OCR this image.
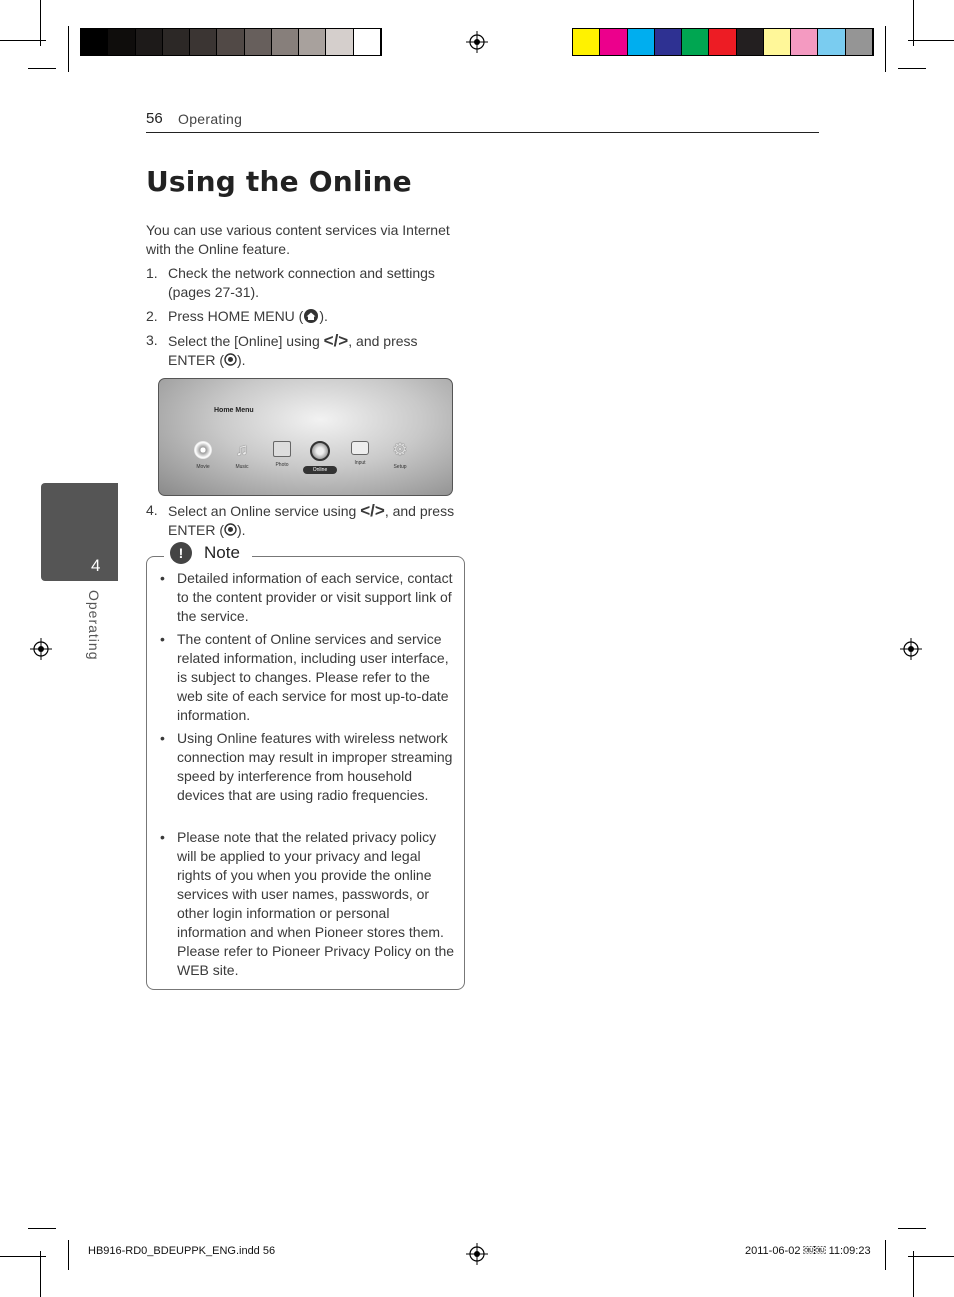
56 Operating
Using the Online
You can use various content services via Internet with the Online feature.
1. Check the network connection and settings (pages 27-31).
2. Press HOME MENU ( ).
3. Select the [Online] using </>, and press ENTER ( ).
Home Menu
Movie
♫
Music	Photo
Online
Input
⚙
Setup
4. Select an Online service using </>, and press ENTER ( ).
4
Operating
!	Note
• Detailed information of each service, contact to the content provider or visit support link of the service.
• The content of Online services and service related information, including user interface, is subject to changes. Please refer to the web site of each service for most up-to-date information.
• Using Online features with wireless network connection may result in improper streaming speed by interference from household devices that are using radio frequencies.
• Please note that the related privacy policy will be applied to your privacy and legal rights of you when you provide the online services with user names, passwords, or other login information or personal information and when Pioneer stores them. Please refer to Pioneer Privacy Policy on the WEB site.
HB916-RD0_BDEUPPK_ENG.indd 56	2011-06-02 ￼￼ 11:09:23
